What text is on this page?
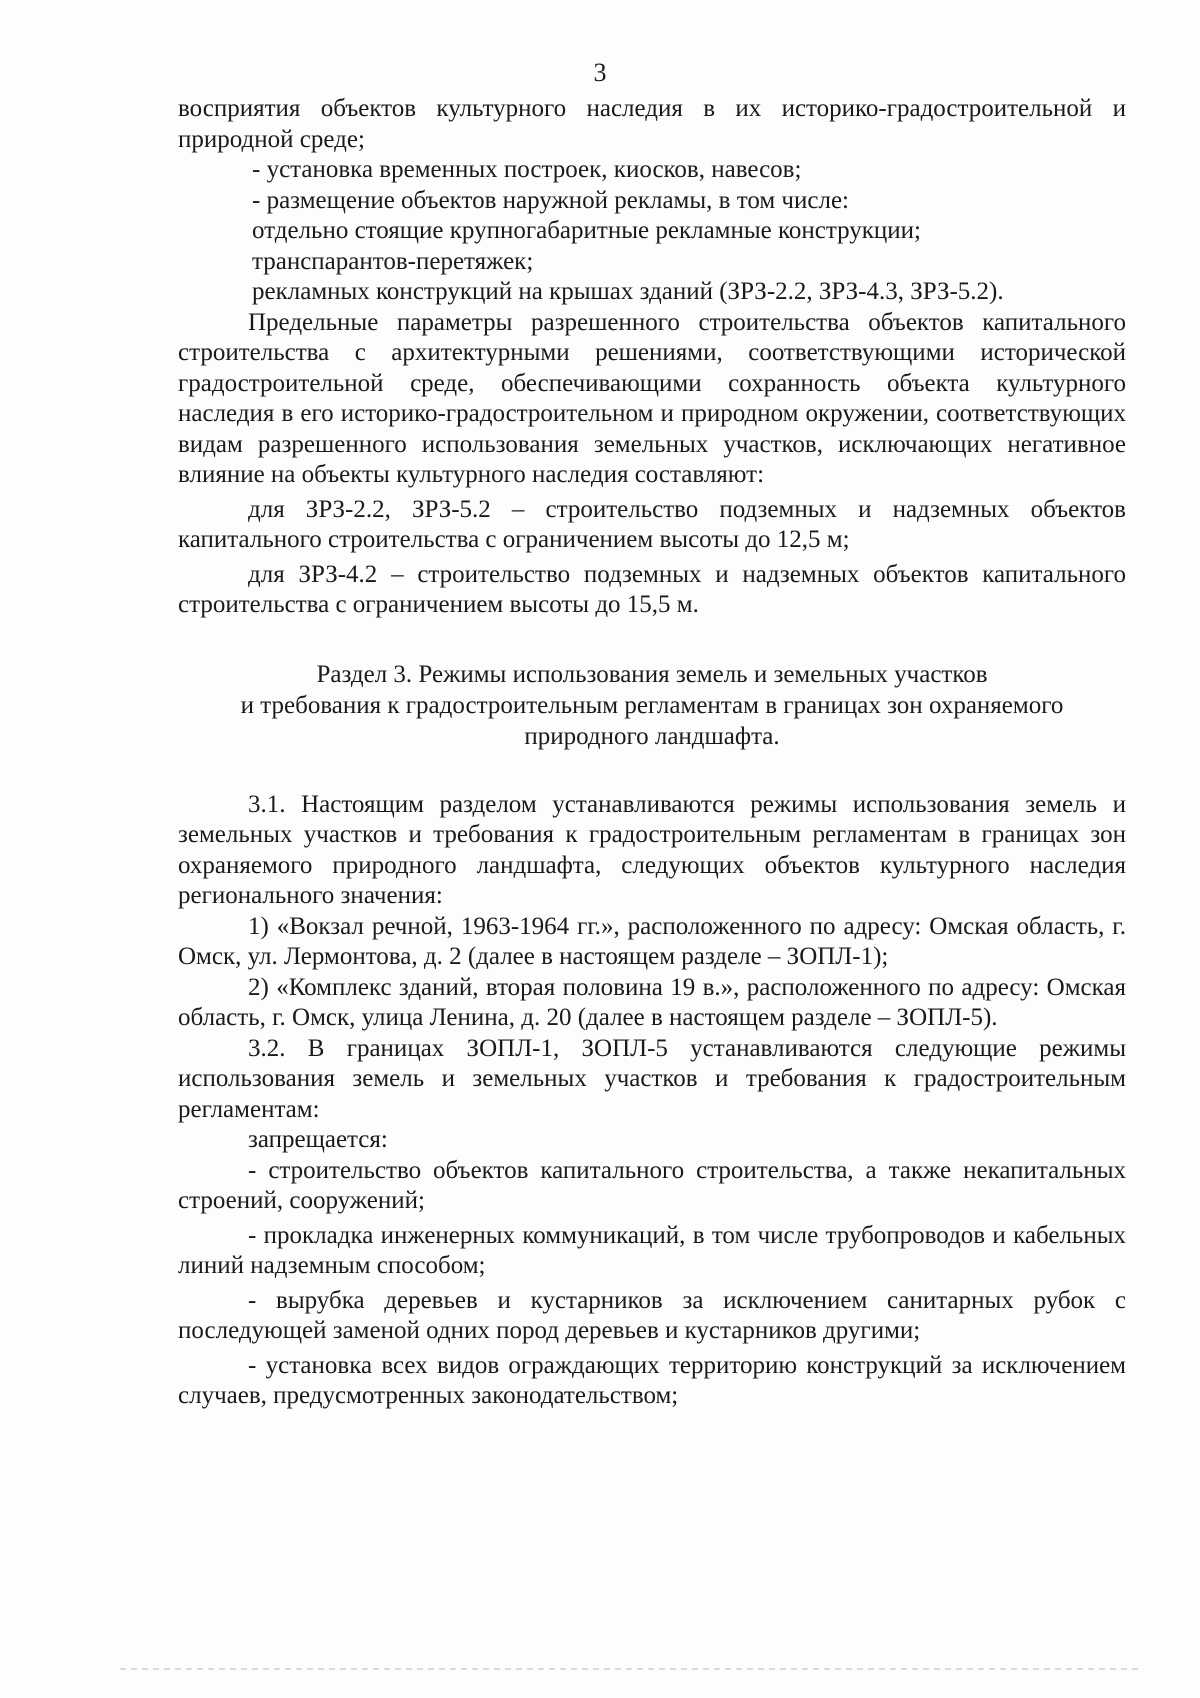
3

восприятия объектов культурного наследия в их историко-градостроительной и природной среде;

- установка временных построек, киосков, навесов;

- размещение объектов наружной рекламы, в том числе:

отдельно стоящие крупногабаритные рекламные конструкции;

транспарантов-перетяжек;

рекламных конструкций на крышах зданий (ЗРЗ-2.2, ЗРЗ-4.3, ЗРЗ-5.2).

Предельные параметры разрешенного строительства объектов капитального строительства с архитектурными решениями, соответствующими исторической градостроительной среде, обеспечивающими сохранность объекта культурного наследия в его историко-градостроительном и природном окружении, соответствующих видам разрешенного использования земельных участков, исключающих негативное влияние на объекты культурного наследия составляют:

для ЗРЗ-2.2, ЗРЗ-5.2 – строительство подземных и надземных объектов капитального строительства с ограничением высоты до 12,5 м;

для ЗРЗ-4.2 – строительство подземных и надземных объектов капитального строительства с ограничением высоты до 15,5 м.

Раздел 3. Режимы использования земель и земельных участков

и требования к градостроительным регламентам в границах зон охраняемого

природного ландшафта.

3.1. Настоящим разделом устанавливаются режимы использования земель и земельных участков и требования к градостроительным регламентам в границах зон охраняемого природного ландшафта, следующих объектов культурного наследия регионального значения:

1) «Вокзал речной, 1963-1964 гг.», расположенного по адресу: Омская область, г. Омск, ул. Лермонтова, д. 2 (далее в настоящем разделе – ЗОПЛ-1);

2) «Комплекс зданий, вторая половина 19 в.», расположенного по адресу: Омская область, г. Омск, улица Ленина, д. 20 (далее в настоящем разделе – ЗОПЛ-5).

3.2. В границах ЗОПЛ-1, ЗОПЛ-5 устанавливаются следующие режимы использования земель и земельных участков и требования к градостроительным регламентам:

запрещается:

- строительство объектов капитального строительства, а также некапитальных строений, сооружений;

- прокладка инженерных коммуникаций, в том числе трубопроводов и кабельных линий надземным способом;

- вырубка деревьев и кустарников за исключением санитарных рубок с последующей заменой одних пород деревьев и кустарников другими;

- установка всех видов ограждающих территорию конструкций за исключением случаев, предусмотренных законодательством;
